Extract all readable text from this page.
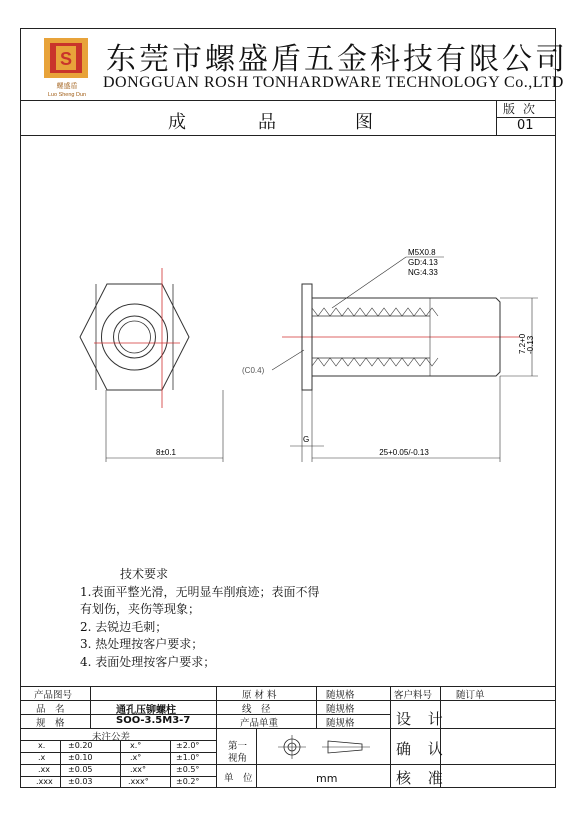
S
螺盛盾
Luo Sheng Dun
东莞市螺盛盾五金科技有限公司
DONGGUAN ROSH TONHARDWARE TECHNOLOGY Co.,LTD
成	品	图
版次
01
8±0.1
M5X0.8
GD:4.13
NG:4.33
(C0.4)
7.2+0 -0.13
G
25+0.05/-0.13
技术要求
1.表面平整光滑，无明显车削痕迹；表面不得
有划伤，夹伤等现象；
2. 去锐边毛刺；
3. 热处理按客户要求；
4. 表面处理按客户要求；
产品图号
品　名	通孔压铆螺柱
规　格	SOO-3.5M3-7
未注公差
x.	±0.20	x.°	±2.0°
.x	±0.10	.x°	±1.0°
.xx ±0.05	.xx°	±0.5°
.xxx ±0.03	.xxx°	±0.2°
原 材 料	随规格
线　径	随规格
产品单重	随规格
第一
视角
单　位	mm
客户料号	随订单
设 计
确 认
核 准
